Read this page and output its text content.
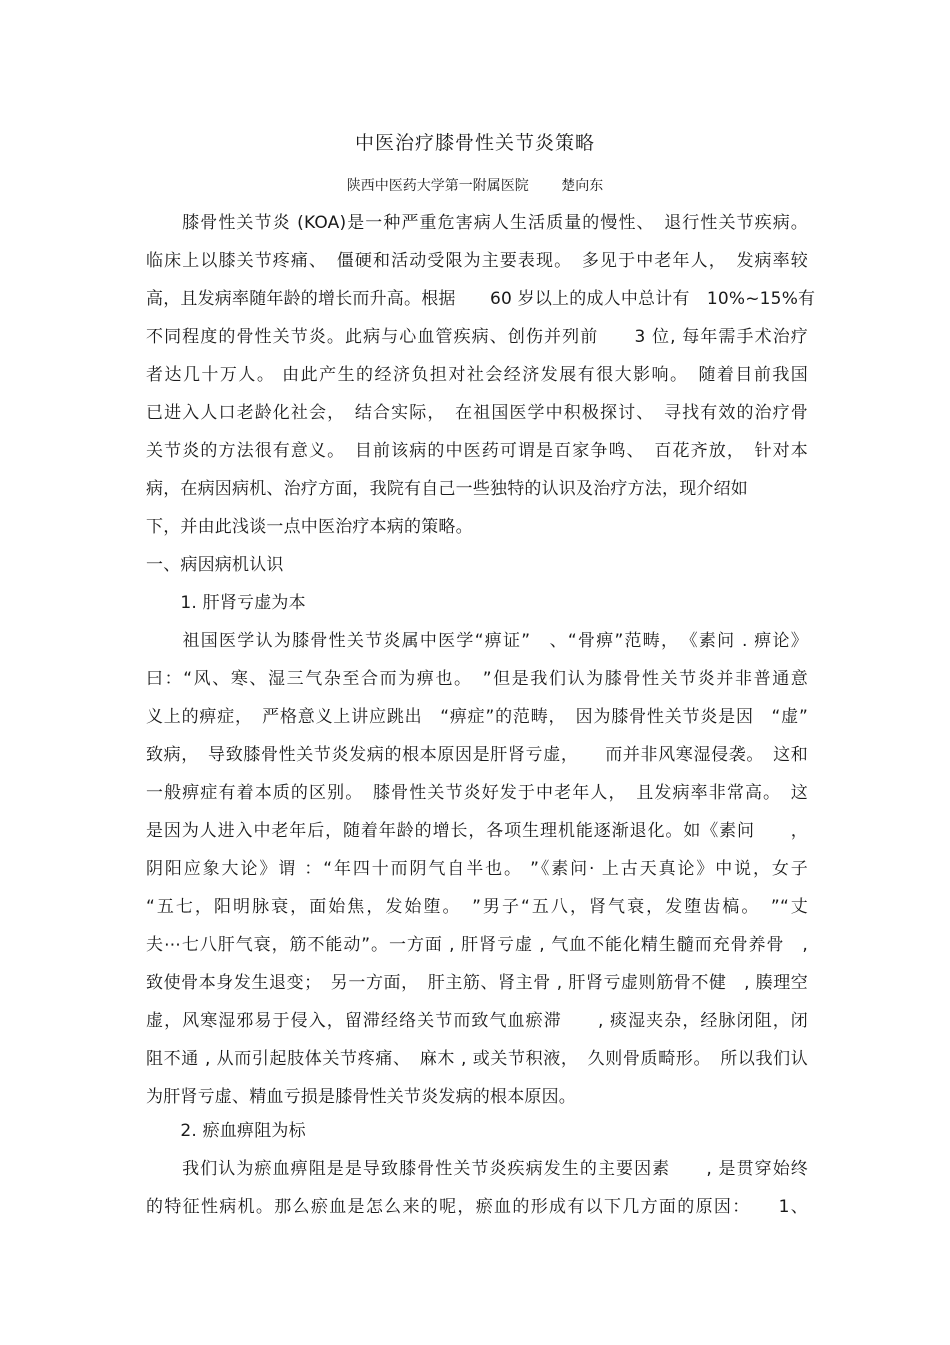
中医治疗膝骨性关节炎策略
陕西中医药大学第一附属医院 楚向东
　　膝骨性关节炎 (KOA)是一种严重危害病人生活质量的慢性、　退行性关节疾病。
临床上以膝关节疼痛、　僵硬和活动受限为主要表现。　多见于中老年人，　发病率较
高，且发病率随年龄的增长而升高。根据　　60 岁以上的成人中总计有　10%~15%有
不同程度的骨性关节炎。此病与心血管疾病、创伤并列前　　3 位, 每年需手术治疗
者达几十万人。 由此产生的经济负担对社会经济发展有很大影响。　随着目前我国
已进入人口老龄化社会，　结合实际，　在祖国医学中积极探讨、　寻找有效的治疗骨
关节炎的方法很有意义。　目前该病的中医药可谓是百家争鸣、　百花齐放，　针对本
病，在病因病机、治疗方面，我院有自己一些独特的认识及治疗方法，现介绍如
下，并由此浅谈一点中医治疗本病的策略。
一、病因病机认识
　　1. 肝肾亏虚为本
　　祖国医学认为膝骨性关节炎属中医学“痹证”　、“骨痹”范畴，　《素问 . 痹论》
曰：“风、寒、湿三气杂至合而为痹也。　”但是我们认为膝骨性关节炎并非普通意
义上的痹症，　严格意义上讲应跳出　“痹症”的范畴，　因为膝骨性关节炎是因　“虚”
致病，　导致膝骨性关节炎发病的根本原因是肝肾亏虚，　　而并非风寒湿侵袭。　这和
一般痹症有着本质的区别。　膝骨性关节炎好发于中老年人，　且发病率非常高。　这
是因为人进入中老年后，随着年龄的增长，各项生理机能逐渐退化。如《素问　　，
阴阳应象大论》谓 ：“年四十而阴气自半也。 ”《素问· 上古天真论》中说，女子
“五七，阳明脉衰，面始焦，发始堕。　”男子“五八，肾气衰，发堕齿槁。　”“丈
夫⋯七八肝气衰，筋不能动”。一方面 , 肝肾亏虚 , 气血不能化精生髓而充骨养骨　,
致使骨本身发生退变；　另一方面，　肝主筋、肾主骨 , 肝肾亏虚则筋骨不健　, 腠理空
虚，风寒湿邪易于侵入，留滞经络关节而致气血瘀滞　　, 痰湿夹杂，经脉闭阻，闭
阻不通 , 从而引起肢体关节疼痛、　麻木 , 或关节积液，　久则骨质畸形。　所以我们认
为肝肾亏虚、精血亏损是膝骨性关节炎发病的根本原因。
　　2. 瘀血痹阻为标
　　我们认为瘀血痹阻是是导致膝骨性关节炎疾病发生的主要因素　　, 是贯穿始终
的特征性病机。那么瘀血是怎么来的呢，瘀血的形成有以下几方面的原因：　　1、
